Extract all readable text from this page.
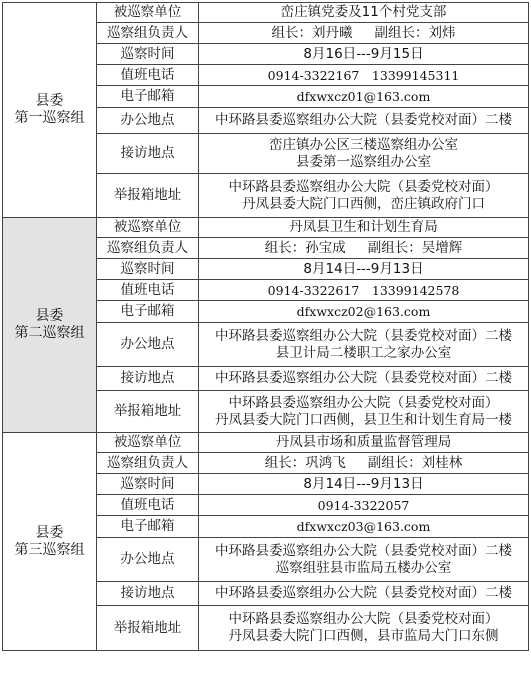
县委
第一巡察组	被巡察单位	峦庄镇党委及11个村党支部
	巡察组负责人	组长：刘丹曦 副组长：刘炜
	巡察时间	8月16日---9月15日
	值班电话	0914-3322167　13399145311
	电子邮箱	dfxwxcz01@163.com
	办公地点	中环路县委巡察组办公大院（县委党校对面）二楼
	接访地点	峦庄镇办公区三楼巡察组办公室
县委第一巡察组办公室

	举报箱地址	中环路县委巡察组办公大院（县委党校对面）
丹凤县委大院门口西侧，峦庄镇政府门口

县委
第二巡察组	被巡察单位	丹凤县卫生和计划生育局
	巡察组负责人	组长：孙宝成 副组长：吴增辉
	巡察时间	8月14日---9月13日
	值班电话	0914-3322617　13399142578
	电子邮箱	dfxwxcz02@163.com
	办公地点	中环路县委巡察组办公大院（县委党校对面）二楼
县卫计局二楼职工之家办公室

	接访地点	中环路县委巡察组办公大院（县委党校对面）二楼
	举报箱地址	中环路县委巡察组办公大院（县委党校对面）
丹凤县委大院门口西侧，县卫生和计划生育局一楼

县委
第三巡察组	被巡察单位	丹凤县市场和质量监督管理局
	巡察组负责人	组长：巩鸿飞 副组长：刘桂林
	巡察时间	8月14日---9月13日
	值班电话	0914-3322057
	电子邮箱	dfxwxcz03@163.com
	办公地点	中环路县委巡察组办公大院（县委党校对面）二楼
巡察组驻县市监局五楼办公室

	接访地点	中环路县委巡察组办公大院（县委党校对面）二楼
	举报箱地址	中环路县委巡察组办公大院（县委党校对面）
丹凤县委大院门口西侧，县市监局大门口东侧
